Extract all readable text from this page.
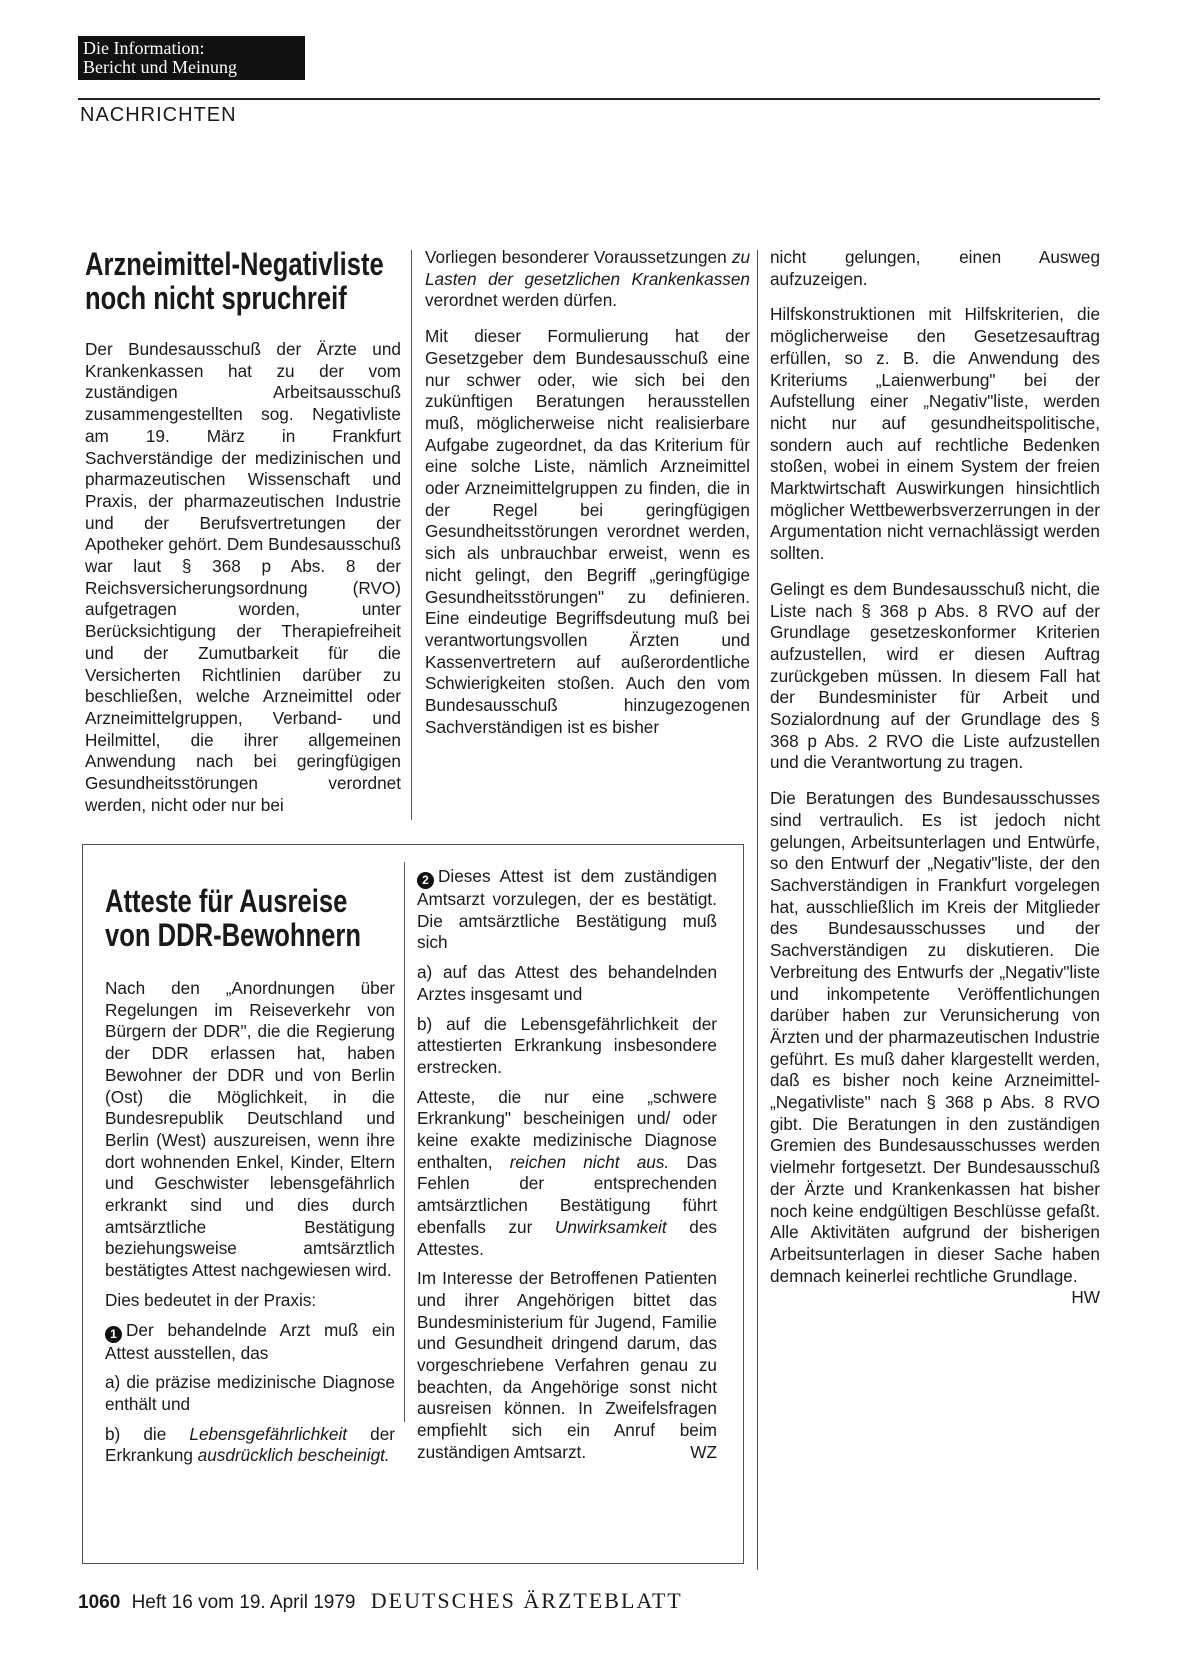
Die Information:
Bericht und Meinung
NACHRICHTEN
Arzneimittel-Negativliste
noch nicht spruchreif

Der Bundesausschuß der Ärzte und Krankenkassen hat zu der vom zuständigen Arbeitsausschuß zusammengestellten sog. Negativliste am 19. März in Frankfurt Sachverständige der medizinischen und pharmazeutischen Wissenschaft und Praxis, der pharmazeutischen Industrie und der Berufsvertretungen der Apotheker gehört. Dem Bundesausschuß war laut § 368 p Abs. 8 der Reichsversicherungsordnung (RVO) aufgetragen worden, unter Berücksichtigung der Therapiefreiheit und der Zumutbarkeit für die Versicherten Richtlinien darüber zu beschließen, welche Arzneimittel oder Arzneimittelgruppen, Verband- und Heilmittel, die ihrer allgemeinen Anwendung nach bei geringfügigen Gesundheitsstörungen verordnet werden, nicht oder nur bei

Vorliegen besonderer Voraussetzungen zu Lasten der gesetzlichen Krankenkassen verordnet werden dürfen.

Mit dieser Formulierung hat der Gesetzgeber dem Bundesausschuß eine nur schwer oder, wie sich bei den zukünftigen Beratungen herausstellen muß, möglicherweise nicht realisierbare Aufgabe zugeordnet, da das Kriterium für eine solche Liste, nämlich Arzneimittel oder Arzneimittelgruppen zu finden, die in der Regel bei geringfügigen Gesundheitsstörungen verordnet werden, sich als unbrauchbar erweist, wenn es nicht gelingt, den Begriff „geringfügige Gesundheitsstörungen" zu definieren. Eine eindeutige Begriffsdeutung muß bei verantwortungsvollen Ärzten und Kassenvertretern auf außerordentliche Schwierigkeiten stoßen. Auch den vom Bundesausschuß hinzugezogenen Sachverständigen ist es bisher

nicht gelungen, einen Ausweg aufzuzeigen.

Hilfskonstruktionen mit Hilfskriterien, die möglicherweise den Gesetzesauftrag erfüllen, so z. B. die Anwendung des Kriteriums „Laienwerbung" bei der Aufstellung einer „Negativ"liste, werden nicht nur auf gesundheitspolitische, sondern auch auf rechtliche Bedenken stoßen, wobei in einem System der freien Marktwirtschaft Auswirkungen hinsichtlich möglicher Wettbewerbsverzerrungen in der Argumentation nicht vernachlässigt werden sollten.

Gelingt es dem Bundesausschuß nicht, die Liste nach § 368 p Abs. 8 RVO auf der Grundlage gesetzeskonformer Kriterien aufzustellen, wird er diesen Auftrag zurückgeben müssen. In diesem Fall hat der Bundesminister für Arbeit und Sozialordnung auf der Grundlage des § 368 p Abs. 2 RVO die Liste aufzustellen und die Verantwortung zu tragen.

Die Beratungen des Bundesausschusses sind vertraulich. Es ist jedoch nicht gelungen, Arbeitsunterlagen und Entwürfe, so den Entwurf der „Negativ"liste, der den Sachverständigen in Frankfurt vorgelegen hat, ausschließlich im Kreis der Mitglieder des Bundesausschusses und der Sachverständigen zu diskutieren. Die Verbreitung des Entwurfs der „Negativ"liste und inkompetente Veröffentlichungen darüber haben zur Verunsicherung von Ärzten und der pharmazeutischen Industrie geführt. Es muß daher klargestellt werden, daß es bisher noch keine Arzneimittel-„Negativliste" nach § 368 p Abs. 8 RVO gibt. Die Beratungen in den zuständigen Gremien des Bundesausschusses werden vielmehr fortgesetzt. Der Bundesausschuß der Ärzte und Krankenkassen hat bisher noch keine endgültigen Beschlüsse gefaßt. Alle Aktivitäten aufgrund der bisherigen Arbeitsunterlagen in dieser Sache haben demnach keinerlei rechtliche Grundlage.
HW

Atteste für Ausreise
von DDR-Bewohnern

Nach den „Anordnungen über Regelungen im Reiseverkehr von Bürgern der DDR", die die Regierung der DDR erlassen hat, haben Bewohner der DDR und von Berlin (Ost) die Möglichkeit, in die Bundesrepublik Deutschland und Berlin (West) auszureisen, wenn ihre dort wohnenden Enkel, Kinder, Eltern und Geschwister lebensgefährlich erkrankt sind und dies durch amtsärztliche Bestätigung beziehungsweise amtsärztlich bestätigtes Attest nachgewiesen wird.

Dies bedeutet in der Praxis:

1 Der behandelnde Arzt muß ein Attest ausstellen, das

a) die präzise medizinische Diagnose enthält und

b) die Lebensgefährlichkeit der Erkrankung ausdrücklich bescheinigt.

2 Dieses Attest ist dem zuständigen Amtsarzt vorzulegen, der es bestätigt. Die amtsärztliche Bestätigung muß sich

a) auf das Attest des behandelnden Arztes insgesamt und

b) auf die Lebensgefährlichkeit der attestierten Erkrankung insbesondere erstrecken.

Atteste, die nur eine „schwere Erkrankung" bescheinigen und/ oder keine exakte medizinische Diagnose enthalten, reichen nicht aus. Das Fehlen der entsprechenden amtsärztlichen Bestätigung führt ebenfalls zur Unwirksamkeit des Attestes.

Im Interesse der Betroffenen Patienten und ihrer Angehörigen bittet das Bundesministerium für Jugend, Familie und Gesundheit dringend darum, das vorgeschriebene Verfahren genau zu beachten, da Angehörige sonst nicht ausreisen können. In Zweifelsfragen empfiehlt sich ein Anruf beim zuständigen Amtsarzt.	WZ

1060 Heft 16 vom 19. April 1979 DEUTSCHES ÄRZTEBLATT
